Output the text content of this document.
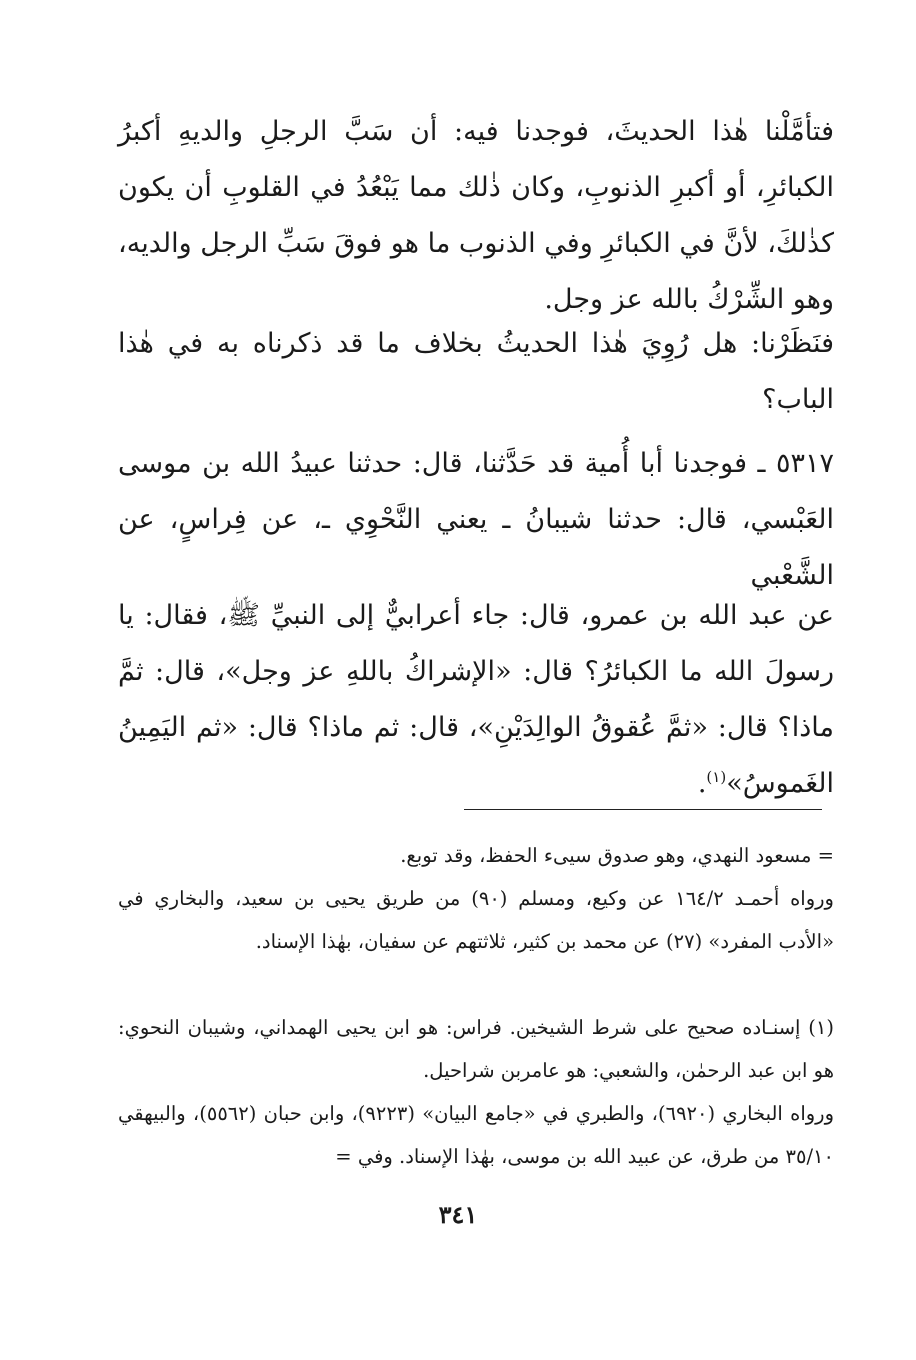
فتأمَّلْنا هٰذا الحديثَ، فوجدنا فيه: أن سَبَّ الرجلِ والديهِ أكبرُ الكبائرِ، أو أكبرِ الذنوبِ، وكان ذٰلك مما يَبْعُدُ في القلوبِ أن يكون كذٰلكَ، لأنَّ في الكبائرِ وفي الذنوب ما هو فوقَ سَبِّ الرجل والديه، وهو الشِّرْكُ بالله عز وجل.

فنَظَرْنا: هل رُوِيَ هٰذا الحديثُ بخلاف ما قد ذكرناه به في هٰذا الباب؟

٥٣١٧ ـ فوجدنا أبا أُمية قد حَدَّثنا، قال: حدثنا عبيدُ الله بن موسى العَبْسي، قال: حدثنا شيبانُ ـ يعني النَّحْوِي ـ، عن فِراسٍ، عن الشَّعْبي

عن عبد الله بن عمرو، قال: جاء أعرابيٌّ إلى النبيِّ ﷺ، فقال: يا رسولَ الله ما الكبائرُ؟ قال: «الإشراكُ باللهِ عز وجل»، قال: ثمَّ ماذا؟ قال: «ثمَّ عُقوقُ الوالِدَيْنِ»، قال: ثم ماذا؟ قال: «ثم اليَمِينُ الغَموسُ»$^{(١)}$.

= مسعود النهدي، وهو صدوق سيىء الحفظ، وقد توبع.

ورواه أحمـد ١٦٤/٢ عن وكيع، ومسلم (٩٠) من طريق يحيى بن سعيد، والبخاري في «الأدب المفرد» (٢٧) عن محمد بن كثير، ثلاثتهم عن سفيان، بهٰذا الإسناد.

(١) إسنـاده صحيح على شرط الشيخين. فراس: هو ابن يحيى الهمداني، وشيبان النحوي: هو ابن عبد الرحمٰن، والشعبي: هو عامربن شراحيل.

ورواه البخاري (٦٩٢٠)، والطبري في «جامع البيان» (٩٢٢٣)، وابن حبان (٥٥٦٢)، والبيهقي ٣٥/١٠ من طرق، عن عبيد الله بن موسى، بهٰذا الإسناد. وفي =

٣٤١
